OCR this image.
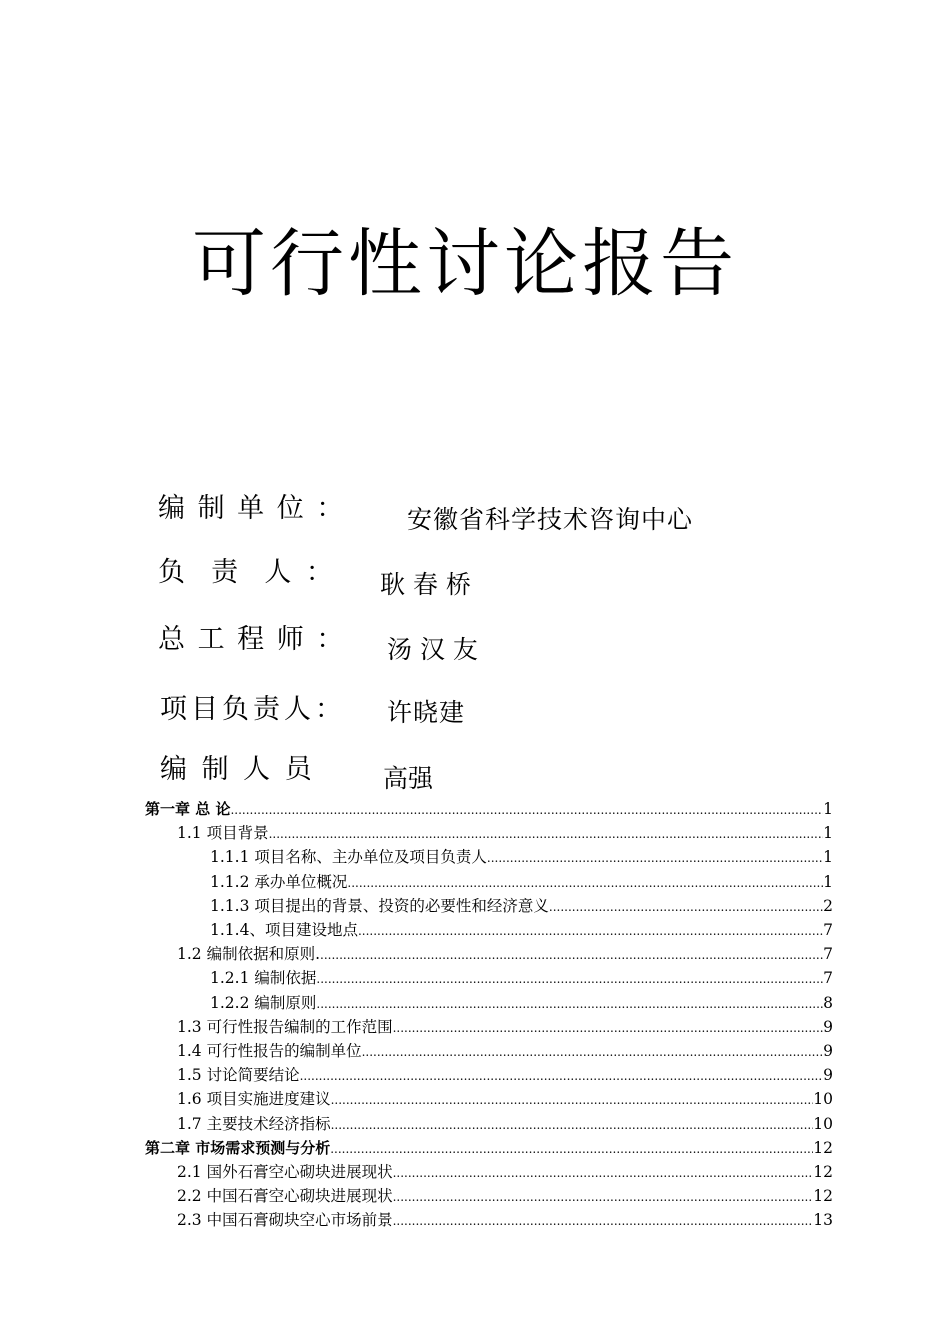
可行性讨论报告
编 制 单 位 ： 安徽省科学技术咨询中心
负  责  人 ： 耿 春 桥
总 工 程 师 ： 汤 汉 友
项目负责人： 许晓建
编 制 人 员	高强
第一章 总 论 .....	1
1.1 项目背景 .....	1
1.1.1 项目名称、主办单位及项目负责人 .....	1
1.1.2 承办单位概况 .....	1
1.1.3 项目提出的背景、投资的必要性和经济意义 .....	2
1.1.4、项目建设地点 .....	7
1.2 编制依据和原则. .....	7
1.2.1 编制依据 .....	7
1.2.2 编制原则 .....	8
1.3 可行性报告编制的工作范围 .....	9
1.4 可行性报告的编制单位 .....	9
1.5 讨论简要结论 .....	9
1.6 项目实施进度建议 .....	10
1.7 主要技术经济指标 .....	10
第二章 市场需求预测与分析 .....	12
2.1 国外石膏空心砌块进展现状 .....	12
2.2 中国石膏空心砌块进展现状 .....	12
2.3 中国石膏砌块空心市场前景 .....	13
